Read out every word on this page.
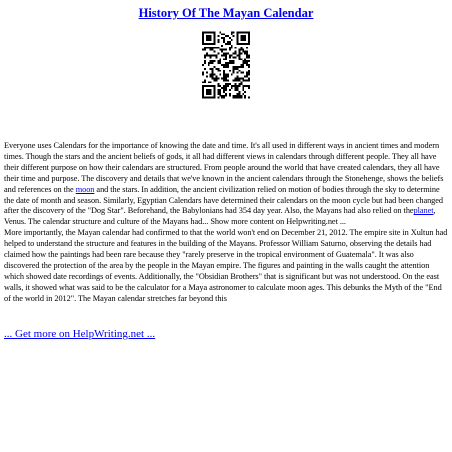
History Of The Mayan Calendar
Everyone uses Calendars for the importance of knowing the date and time. It's all used in different ways in ancient times and modern times. Though the stars and the ancient beliefs of gods, it all had different views in calendars through different people. They all have their different purpose on how their calendars are structured. From people around the world that have created calendars, they all have their time and purpose. The discovery and details that we've known in the ancient calendars through the Stonehenge, shows the beliefs and references on the moon and the stars. In addition, the ancient civilization relied on motion of bodies through the sky to determine the date of month and season. Similarly, Egyptian Calendars have determined their calendars on the moon cycle but had been changed after the discovery of the "Dog Star". Beforehand, the Babylonians had 354 day year. Also, the Mayans had also relied on theplanet, Venus. The calendar structure and culture of the Mayans had... Show more content on Helpwriting.net ...
More importantly, the Mayan calendar had confirmed to that the world won't end on December 21, 2012. The empire site in Xultun had helped to understand the structure and features in the building of the Mayans. Professor William Saturno, observing the details had claimed how the paintings had been rare because they "rarely preserve in the tropical environment of Guatemala". It was also discovered the protection of the area by the people in the Mayan empire. The figures and painting in the walls caught the attention which showed date recordings of events. Additionally, the "Obsidian Brothers" that is significant but was not understood. On the east walls, it showed what was said to be the calculator for a Maya astronomer to calculate moon ages. This debunks the Myth of the "End of the world in 2012". The Mayan calendar stretches far beyond this

... Get more on HelpWriting.net ...
